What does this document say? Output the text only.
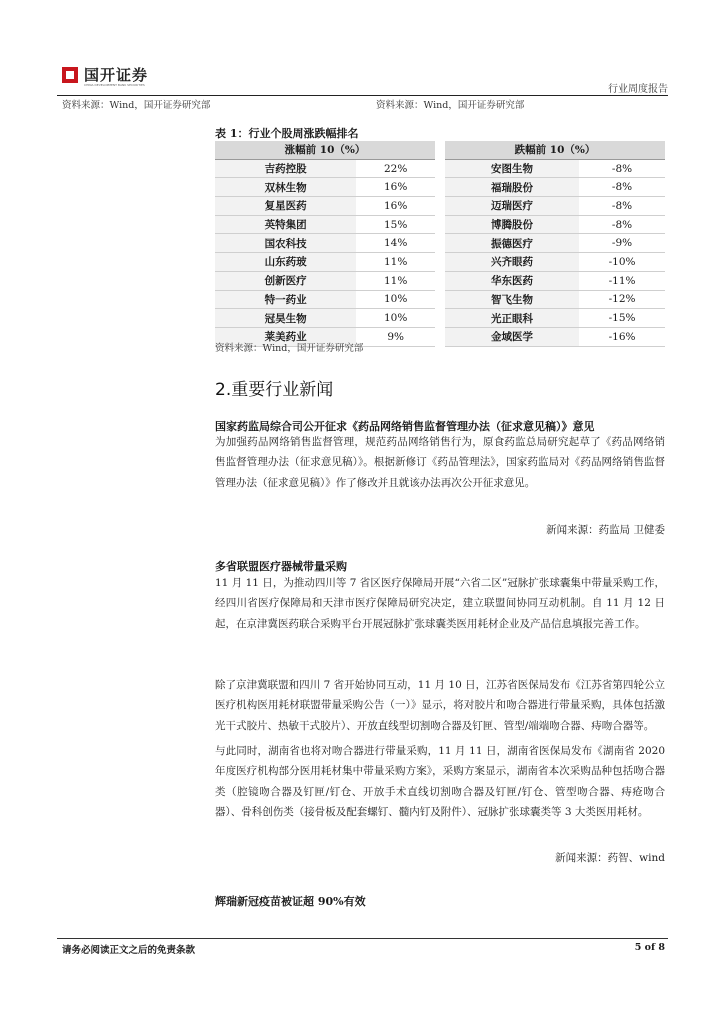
国开证券
CHINA DEVELOPMENT BANK SECURITIES	行业周度报告
资料来源：Wind，国开证券研究部	资料来源：Wind，国开证券研究部
表 1：行业个股周涨跌幅排名
涨幅前 10（%）			跌幅前 10（%）	
吉药控股	22%		安图生物	-8%
双林生物	16%		福瑞股份	-8%
复星医药	16%		迈瑞医疗	-8%
英特集团	15%		博腾股份	-8%
国农科技	14%		振德医疗	-9%
山东药玻	11%		兴齐眼药	-10%
创新医疗	11%		华东医药	-11%
特一药业	10%		智飞生物	-12%
冠昊生物	10%		光正眼科	-15%
莱美药业	9%		金域医学	-16%
资料来源：Wind，国开证券研究部
2.重要行业新闻
国家药监局综合司公开征求《药品网络销售监督管理办法（征求意见稿）》意见
为加强药品网络销售监督管理，规范药品网络销售行为，原食药监总局研究起草了《药品网络销售监督管理办法（征求意见稿）》。根据新修订《药品管理法》，国家药监局对《药品网络销售监督管理办法（征求意见稿）》作了修改并且就该办法再次公开征求意见。
新闻来源：药监局 卫健委
多省联盟医疗器械带量采购
11 月 11 日，为推动四川等 7 省区医疗保障局开展“六省二区”冠脉扩张球囊集中带量采购工作，经四川省医疗保障局和天津市医疗保障局研究决定，建立联盟间协同互动机制。自 11 月 12 日起，在京津冀医药联合采购平台开展冠脉扩张球囊类医用耗材企业及产品信息填报完善工作。
除了京津冀联盟和四川 7 省开始协同互动，11 月 10 日，江苏省医保局发布《江苏省第四轮公立医疗机构医用耗材联盟带量采购公告（一）》显示，将对胶片和吻合器进行带量采购，具体包括激光干式胶片、热敏干式胶片）、开放直线型切割吻合器及钉匣、管型/端端吻合器、痔吻合器等。
与此同时，湖南省也将对吻合器进行带量采购，11 月 11 日，湖南省医保局发布《湖南省 2020 年度医疗机构部分医用耗材集中带量采购方案》，采购方案显示，湖南省本次采购品种包括吻合器类（腔镜吻合器及钉匣/钉仓、开放手术直线切割吻合器及钉匣/钉仓、管型吻合器、痔疮吻合器）、骨科创伤类（接骨板及配套螺钉、髓内钉及附件）、冠脉扩张球囊类等 3 大类医用耗材。
新闻来源：药智、wind
辉瑞新冠疫苗被证超 90%有效
请务必阅读正文之后的免责条款	5 of 8
